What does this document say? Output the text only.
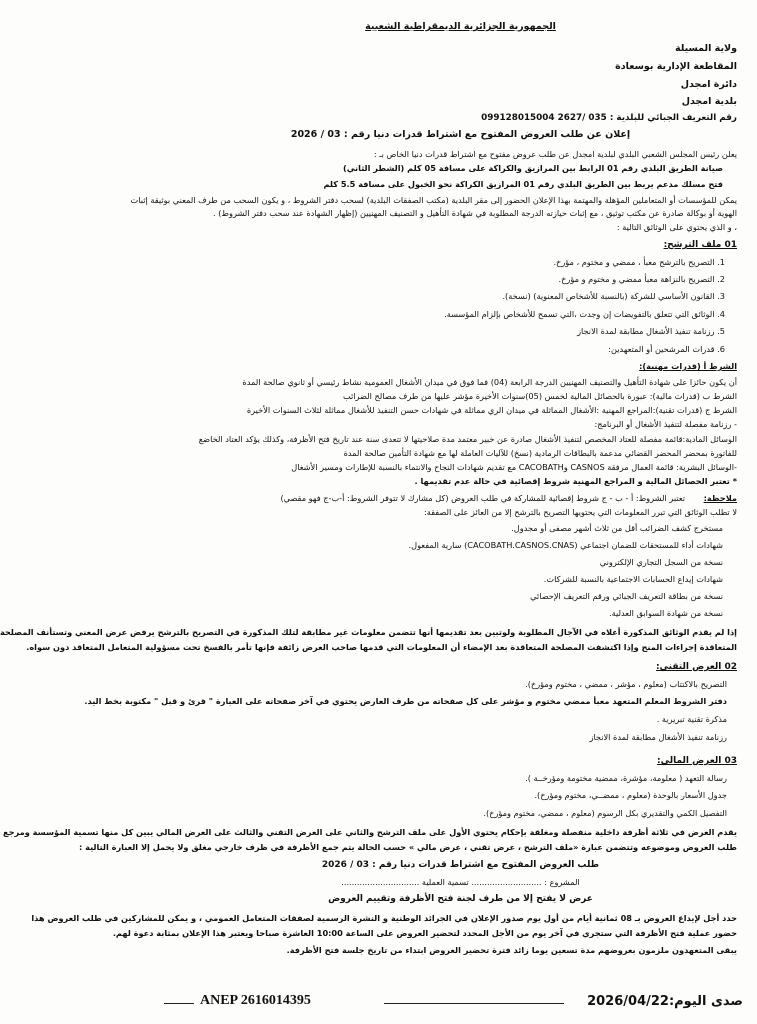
الجمهورية الجزائرية الديمقراطية الشعبية
ولاية المسيلة
المقاطعة الإدارية بوسعادة
دائرة امجدل
بلدية امجدل
رقم التعريف الجبائي للبلدية : 035 /2627 099128015004
إعلان عن طلب العروض المفتوح مع اشتراط قدرات دنيا رقم : 03 / 2026
يعلن رئيس المجلس الشعبي البلدي لبلدية امجدل عن طلب عروض مفتوح مع اشتراط قدرات دنيا الخاص بـ :
صيانة الطريق البلدي رقم 01 الرابط بين المرازيق والكراكة على مسافة 05 كلم (الشطر الثاني)
فتح مسلك مدعم يربط بين الطريق البلدي رقم 01 المرازيق الكراكة نحو الخبول على مسافة 5.5 كلم
يمكن للمؤسسات أو المتعاملين المؤهلة والمهتمة بهذا الإعلان الحضور إلى مقر البلدية (مكتب الصفقات البلدية) لسحب دفتر الشروط ، و يكون السحب من طرف المعني بوثيقة إثبات
الهوية أو بوكالة صادرة عن مكتب توثيق ، مع إثبات حيازته الدرجة المطلوبة في شهادة التأهيل و التصنيف المهنيين (إظهار الشهادة عند سحب دفتر الشروط) .
، و الذي يحتوي على الوثائق التالية :
01 ملف الترشح:
1. التصريح بالترشح معبأ ، ممضي و مختوم ، مؤرخ.
2. التصريح بالنزاهة معبأ ممضي و مختوم و مؤرخ.
3. القانون الأساسي للشركة (بالنسبة للأشخاص المعنوية) (نسخة).
4. الوثائق التي تتعلق بالتفويضات إن وجدت ،التي تسمح للأشخاص بإلزام المؤسسة.
5. رزنامة تنفيذ الأشغال مطابقة لمدة الانجاز
6. قدرات المرشحين أو المتعهدين:
الشرط أ (قدرات مهنية):
أن يكون حائزا على شهادة التأهيل والتصنيف المهنيين الدرجة الرابعة (04) فما فوق في ميدان الأشغال العمومية نشاط رئيسي أو ثانوي صالحة المدة
الشرط ب (قدرات مالية): عبورة بالحصائل المالية لخمس (05)سنوات الأخيرة مؤشر عليها من طرف مصالح الضرائب
الشرط ج (قدرات تقنية):المراجع المهنية :الأشغال المماثلة في ميدان الري مماثلة في شهادات حسن التنفيذ للأشغال مماثلة لثلاث السنوات الأخيرة
- رزنامة مفصلة لتنفيذ الأشغال أو البرنامج:
الوسائل المادية:قائمة مفصلة للعتاد المخصص لتنفيذ الأشغال صادرة عن خبير معتمد مدة صلاحيتها لا تتعدى سنة عند تاريخ فتح الأظرفة، وكذلك يؤكد العتاد الخاضع
للفاتورة بمحضر المحضر القضائي مدعمة بالبطاقات الرمادية (نسخ) للآليات العاملة لها مع شهادة التأمين صالحة المدة
-الوسائل البشرية: قائمة العمال مرفقة CASNOS وCACOBATH مع تقديم شهادات النجاح والانتماء بالنسبة للإطارات ومسير الأشغال
* تعتبر الحصائل المالية و المراجع المهنية شروط إقصائية في حالة عدم تقديمها .
ملاحظة:
تعتبر الشروط: أ - ب - ج شروط إقصائية للمشاركة في طلب العروض (كل مشارك لا تتوفر الشروط: أ-ب-ج فهو مقصي)
لا تطلب الوثائق التي تبرر المعلومات التي يحتويها التصريح بالترشح إلا من العائز على الصفقة:
مستخرج كشف الضرائب أقل من ثلاث أشهر مصفى أو مجدول.
شهادات أداء للمستحقات للضمان اجتماعي (CACOBATH.CASNOS.CNAS) سارية المفعول.
نسخة من السجل التجاري الإلكتروني
شهادات إيداع الحسابات الاجتماعية بالنسبة للشركات.
نسخة من بطاقة التعريف الجبائي ورقم التعريف الإحصائي
نسخة من شهادة السوابق العدلية.
إذا لم يقدم الوثائق المذكورة أعلاه في الآجال المطلوبة ولوتبين بعد تقديمها أنها تتضمن معلومات غير مطابقة لتلك المذكورة في التصريح بالترشح يرفض عرض المعني وتستأنف المصلحة
المتعاقدة إجراءات المنح وإذا اكتشفت المصلحة المتعاقدة بعد الإمضاء أن المعلومات التي قدمها صاحب العرض زائفة فإنها تأمر بالفسخ تحت مسؤولية المتعامل المتعاقد دون سواه.
02 العرض التقني:
التصريح بالاكتتاب (معلوم ، مؤشر ، ممضي ، مختوم ومؤرخ).
دفتر الشروط المعلم المتعهد معبأ ممضي مختوم و مؤشر على كل صفحاته من طرف العارض يحتوي في آخر صفحاته على العبارة " قرئ و قبل " مكتوبة بخط اليد.
مذكرة تقنية تبريرية .
رزنامة تنفيذ الأشغال مطابقة لمدة الانجاز
03 العرض المالي:
رسالة التعهد ( معلومة، مؤشرة، ممضية مختومة ومؤرخــة ).
جدول الأسعار بالوحدة (معلوم ، ممضــي، مختوم ومؤرخ).
التفصيل الكمي والتقديري بكل الرسوم (معلوم ، ممضي، مختوم ومؤرخ).
يقدم العرض في ثلاثة أظرفة داخلية منفصلة ومغلقة بإحكام يحتوي الأول على ملف الترشح والثاني على العرض التقني والثالث على العرض المالي يبين كل منها تسمية المؤسسة ومرجع
طلب العروض وموضوعه وتتضمن عبارة «ملف الترشح ، عرض تقني ، عرض مالي » حسب الحالة يتم جمع الأظرفة في ظرف خارجي مغلق ولا يحمل إلا العبارة التالية :
طلب العروض المفتوح مع اشتراط قدرات دنيا رقم : 03 / 2026
المشروع : ........................... تسمية العملية ..............................
عرض لا يفتح إلا من طرف لجنة فتح الأظرفة وتقييم العروض
حدد أجل لإيداع العروض بـ 08 ثمانية أيام من أول يوم صدور الإعلان في الجرائد الوطنية و النشرة الرسمية لصفقات المتعامل العمومي ، و يمكن للمشاركين في طلب العروض هذا
حضور عملية فتح الأظرفة التي ستجري في آخر يوم من الأجل المحدد لتحضير العروض على الساعة 10:00 العاشرة صباحا ويعتبر هذا الإعلان بمثابة دعوة لهم.
يبقى المتعهدون ملزمون بعروضهم مدة تسعين يوما زائد فترة تحضير العروض ابتداء من تاريخ جلسة فتح الأظرفة.
صدى اليوم:2026/04/22
ANEP 2616014395
